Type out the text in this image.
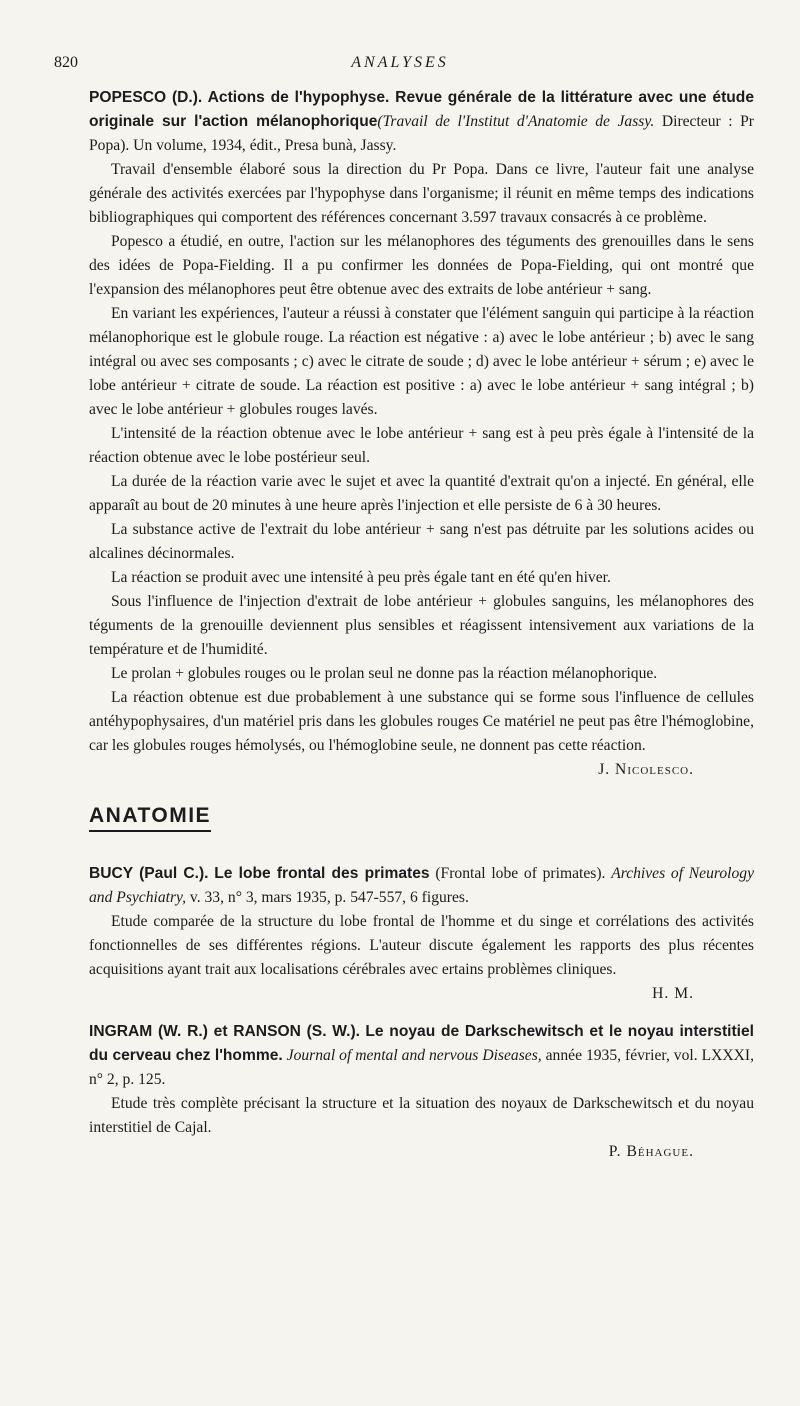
820	ANALYSES

POPESCO (D.). Actions de l'hypophyse. Revue générale de la littérature avec une étude originale sur l'action mélanophorique(Travail de l'Institut d'Anatomie de Jassy. Directeur : Pr Popa). Un volume, 1934, édit., Presa bunà, Jassy.

Travail d'ensemble élaboré sous la direction du Pr Popa. Dans ce livre, l'auteur fait une analyse générale des activités exercées par l'hypophyse dans l'organisme; il réunit en même temps des indications bibliographiques qui comportent des références concernant 3.597 travaux consacrés à ce problème.

Popesco a étudié, en outre, l'action sur les mélanophores des téguments des grenouilles dans le sens des idées de Popa-Fielding. Il a pu confirmer les données de Popa-Fielding, qui ont montré que l'expansion des mélanophores peut être obtenue avec des extraits de lobe antérieur + sang.

En variant les expériences, l'auteur a réussi à constater que l'élément sanguin qui participe à la réaction mélanophorique est le globule rouge. La réaction est négative : a) avec le lobe antérieur ; b) avec le sang intégral ou avec ses composants ; c) avec le citrate de soude ; d) avec le lobe antérieur + sérum ; e) avec le lobe antérieur + citrate de soude. La réaction est positive : a) avec le lobe antérieur + sang intégral ; b) avec le lobe antérieur + globules rouges lavés.

L'intensité de la réaction obtenue avec le lobe antérieur + sang est à peu près égale à l'intensité de la réaction obtenue avec le lobe postérieur seul.

La durée de la réaction varie avec le sujet et avec la quantité d'extrait qu'on a injecté. En général, elle apparaît au bout de 20 minutes à une heure après l'injection et elle persiste de 6 à 30 heures.

La substance active de l'extrait du lobe antérieur + sang n'est pas détruite par les solutions acides ou alcalines décinormales.

La réaction se produit avec une intensité à peu près égale tant en été qu'en hiver.

Sous l'influence de l'injection d'extrait de lobe antérieur + globules sanguins, les mélanophores des téguments de la grenouille deviennent plus sensibles et réagissent intensivement aux variations de la température et de l'humidité.

Le prolan + globules rouges ou le prolan seul ne donne pas la réaction mélanophorique.

La réaction obtenue est due probablement à une substance qui se forme sous l'influence de cellules antéhypophysaires, d'un matériel pris dans les globules rouges Ce matériel ne peut pas être l'hémoglobine, car les globules rouges hémolysés, ou l'hémoglobine seule, ne donnent pas cette réaction.

J. Nicolesco.

ANATOMIE

BUCY (Paul C.). Le lobe frontal des primates (Frontal lobe of primates). Archives of Neurology and Psychiatry, v. 33, n° 3, mars 1935, p. 547-557, 6 figures.

Etude comparée de la structure du lobe frontal de l'homme et du singe et corrélations des activités fonctionnelles de ses différentes régions. L'auteur discute également les rapports des plus récentes acquisitions ayant trait aux localisations cérébrales avec ertains problèmes cliniques.

H. M.

INGRAM (W. R.) et RANSON (S. W.). Le noyau de Darkschewitsch et le noyau interstitiel du cerveau chez l'homme. Journal of mental and nervous Diseases, année 1935, février, vol. LXXXI, n° 2, p. 125.

Etude très complète précisant la structure et la situation des noyaux de Darkschewitsch et du noyau interstitiel de Cajal.

P. Béhague.
